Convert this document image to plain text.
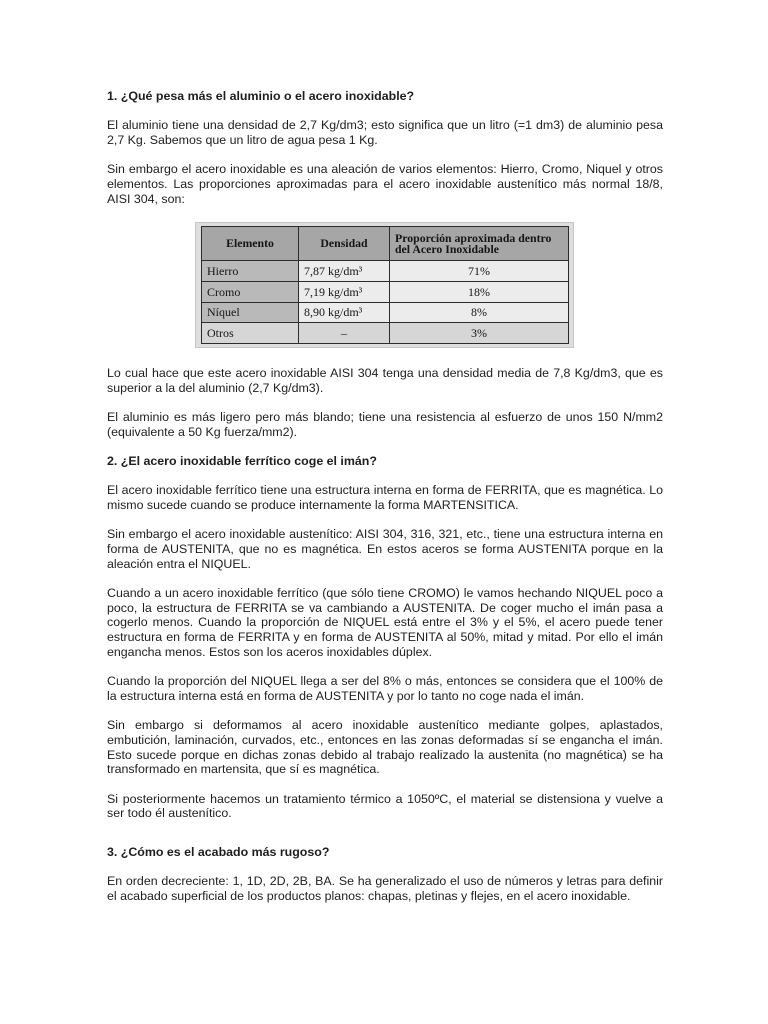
1. ¿Qué pesa más el aluminio o el acero inoxidable?

El aluminio tiene una densidad de 2,7 Kg/dm3; esto significa que un litro (=1 dm3) de aluminio pesa 2,7 Kg. Sabemos que un litro de agua pesa 1 Kg.

Sin embargo el acero inoxidable es una aleación de varios elementos: Hierro, Cromo, Niquel y otros elementos. Las proporciones aproximadas para el acero inoxidable austenítico más normal 18/8, AISI 304, son:

Elemento	Densidad	Proporción aproximada dentro del Acero Inoxidable
Hierro	7,87 kg/dm³	71%
Cromo	7,19 kg/dm³	18%
Níquel	8,90 kg/dm³	8%
Otros	–	3%

Lo cual hace que este acero inoxidable AISI 304 tenga una densidad media de 7,8 Kg/dm3, que es superior a la del aluminio (2,7 Kg/dm3).

El aluminio es más ligero pero más blando; tiene una resistencia al esfuerzo de unos 150 N/mm2 (equivalente a 50 Kg fuerza/mm2).

2. ¿El acero inoxidable ferrítico coge el imán?

El acero inoxidable ferrítico tiene una estructura interna en forma de FERRITA, que es magnética. Lo mismo sucede cuando se produce internamente la forma MARTENSITICA.

Sin embargo el acero inoxidable austenítico: AISI 304, 316, 321, etc., tiene una estructura interna en forma de AUSTENITA, que no es magnética. En estos aceros se forma AUSTENITA porque en la aleación entra el NIQUEL.

Cuando a un acero inoxidable ferrítico (que sólo tiene CROMO) le vamos hechando NIQUEL poco a poco, la estructura de FERRITA se va cambiando a AUSTENITA. De coger mucho el imán pasa a cogerlo menos. Cuando la proporción de NIQUEL está entre el 3% y el 5%, el acero puede tener estructura en forma de FERRITA y en forma de AUSTENITA al 50%, mitad y mitad. Por ello el imán engancha menos. Estos son los aceros inoxidables dúplex.

Cuando la proporción del NIQUEL llega a ser del 8% o más, entonces se considera que el 100% de la estructura interna está en forma de AUSTENITA y por lo tanto no coge nada el imán.

Sin embargo si deformamos al acero inoxidable austenítico mediante golpes, aplastados, embutición, laminación, curvados, etc., entonces en las zonas deformadas sí se engancha el imán. Esto sucede porque en dichas zonas debido al trabajo realizado la austenita (no magnética) se ha transformado en martensita, que sí es magnética.

Si posteriormente hacemos un tratamiento térmico a 1050ºC, el material se distensiona y vuelve a ser todo él austenítico.

3. ¿Cómo es el acabado más rugoso?

En orden decreciente: 1, 1D, 2D, 2B, BA. Se ha generalizado el uso de números y letras para definir el acabado superficial de los productos planos: chapas, pletinas y flejes, en el acero inoxidable.
